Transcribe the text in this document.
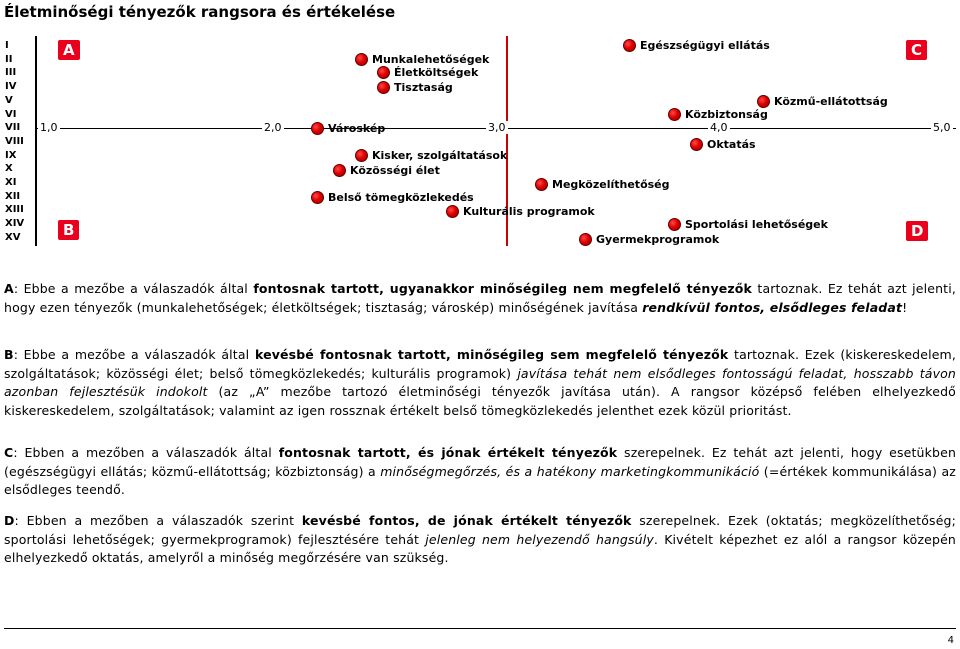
Életminőségi tényezők rangsora és értékelése
I
II
III
IV
V
VI
VII
VIII
IX
X
XI
XII
XIII
XIV
XV
A
B
C
D
1,0	2,0	3,0	4,0	5,0
Munkalehetőségek
Életköltségek
Tisztaság
Városkép
Kisker, szolgáltatások
Közösségi élet
Belső tömegközlekedés
Kulturális programok
Megközelíthetőség
Egészségügyi ellátás
Közmű-ellátottság
Közbiztonság
Oktatás
Sportolási lehetőségek
Gyermekprogramok
A: Ebbe a mezőbe a válaszadók által fontosnak tartott, ugyanakkor minőségileg nem megfelelő tényezők tartoznak. Ez tehát azt jelenti, hogy ezen tényezők (munkalehetőségek; életköltségek; tisztaság; városkép) minőségének javítása rendkívül fontos, elsődleges feladat!
B: Ebbe a mezőbe a válaszadók által kevésbé fontosnak tartott, minőségileg sem megfelelő tényezők tartoznak. Ezek (kiskereskedelem, szolgáltatások; közösségi élet; belső tömegközlekedés; kulturális programok) javítása tehát nem elsődleges fontosságú feladat, hosszabb távon azonban fejlesztésük indokolt (az „A” mezőbe tartozó életminőségi tényezők javítása után). A rangsor középső felében elhelyezkedő kiskereskedelem, szolgáltatások; valamint az igen rossznak értékelt belső tömegközlekedés jelenthet ezek közül prioritást.
C: Ebben a mezőben a válaszadók által fontosnak tartott, és jónak értékelt tényezők szerepelnek. Ez tehát azt jelenti, hogy esetükben (egészségügyi ellátás; közmű-ellátottság; közbiztonság) a minőségmegőrzés, és a hatékony marketingkommunikáció (=értékek kommunikálása) az elsődleges teendő.
D: Ebben a mezőben a válaszadók szerint kevésbé fontos, de jónak értékelt tényezők szerepelnek. Ezek (oktatás; megközelíthetőség; sportolási lehetőségek; gyermekprogramok) fejlesztésére tehát jelenleg nem helyezendő hangsúly. Kivételt képezhet ez alól a rangsor közepén elhelyezkedő oktatás, amelyről a minőség megőrzésére van szükség.
4
